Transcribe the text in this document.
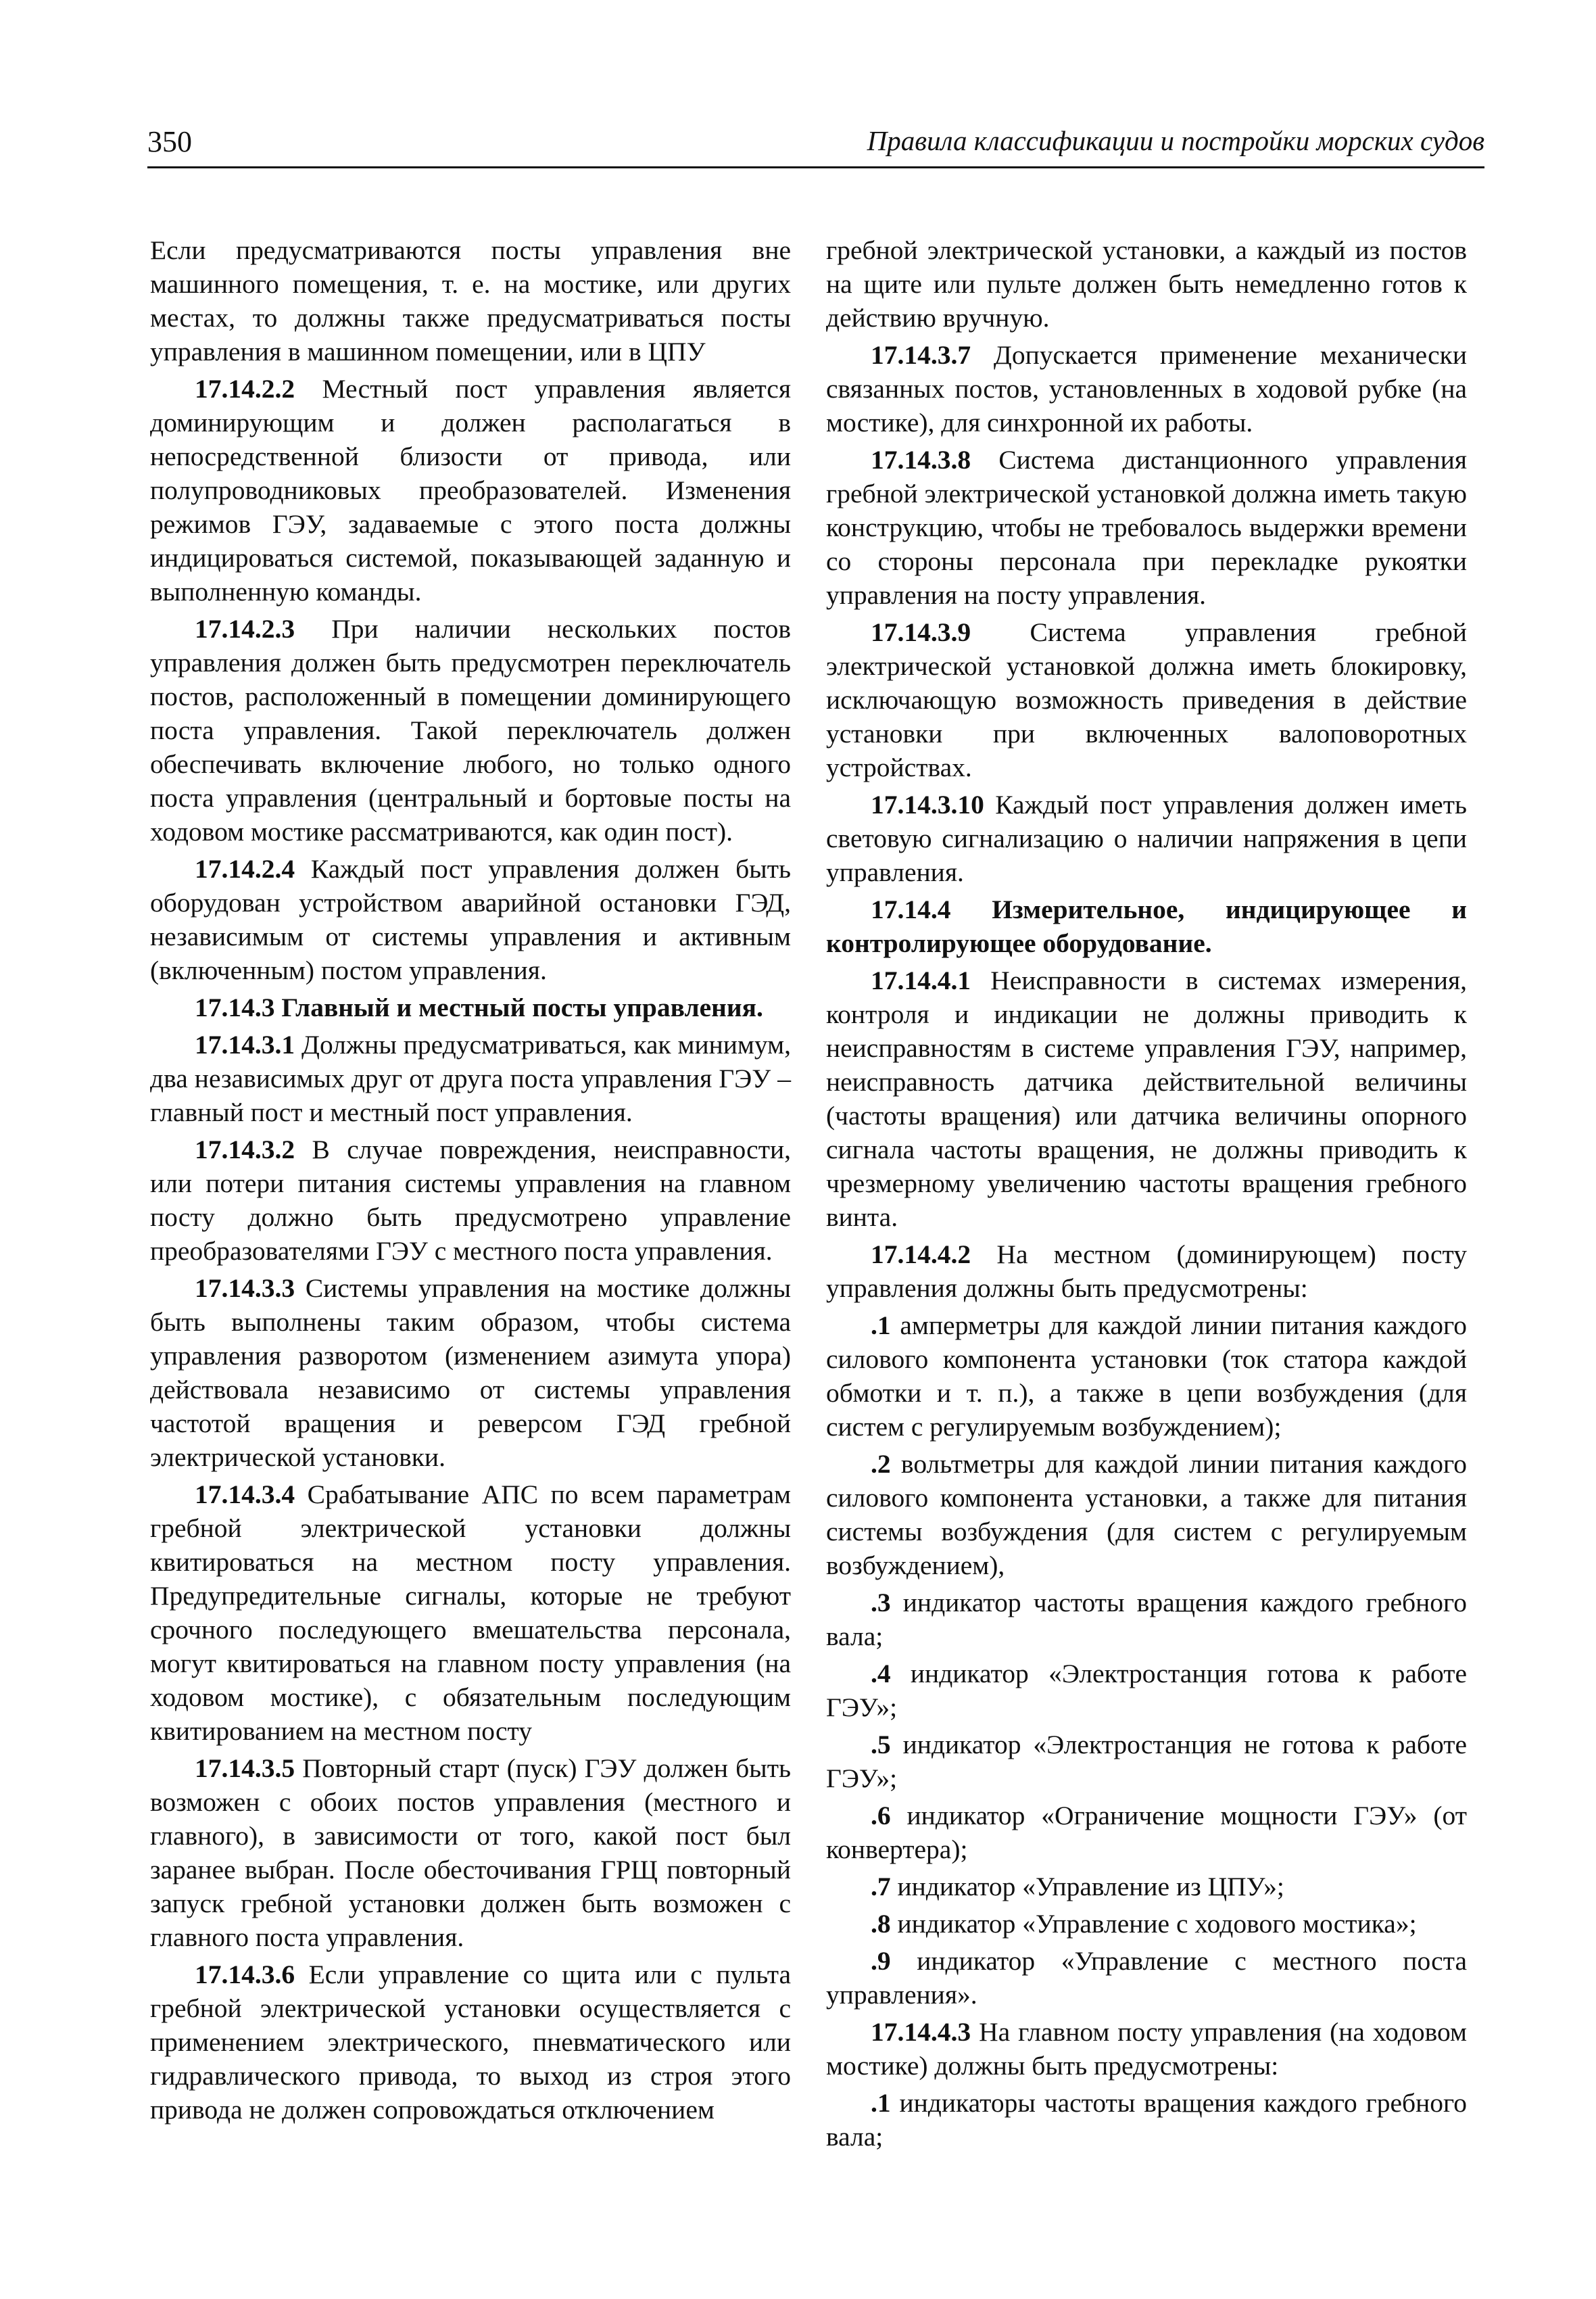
350	Правила классификации и постройки морских судов

Если предусматриваются посты управления вне машинного помещения, т. е. на мостике, или других местах, то должны также предусматриваться посты управления в машинном помещении, или в ЦПУ

17.14.2.2 Местный пост управления является доминирующим и должен располагаться в непосредственной близости от привода, или полупроводниковых преобразователей. Изменения режимов ГЭУ, задаваемые с этого поста должны индицироваться системой, показывающей заданную и выполненную команды.

17.14.2.3 При наличии нескольких постов управления должен быть предусмотрен переключатель постов, расположенный в помещении доминирующего поста управления. Такой переключатель должен обеспечивать включение любого, но только одного поста управления (центральный и бортовые посты на ходовом мостике рассматриваются, как один пост).

17.14.2.4 Каждый пост управления должен быть оборудован устройством аварийной остановки ГЭД, независимым от системы управления и активным (включенным) постом управления.

17.14.3 Главный и местный посты управления.

17.14.3.1 Должны предусматриваться, как минимум, два независимых друг от друга поста управления ГЭУ – главный пост и местный пост управления.

17.14.3.2 В случае повреждения, неисправности, или потери питания системы управления на главном посту должно быть предусмотрено управление преобразователями ГЭУ с местного поста управления.

17.14.3.3 Системы управления на мостике должны быть выполнены таким образом, чтобы система управления разворотом (изменением азимута упора) действовала независимо от системы управления частотой вращения и реверсом ГЭД гребной электрической установки.

17.14.3.4 Срабатывание АПС по всем параметрам гребной электрической установки должны квитироваться на местном посту управления. Предупредительные сигналы, которые не требуют срочного последующего вмешательства персонала, могут квитироваться на главном посту управления (на ходовом мостике), с обязательным последующим квитированием на местном посту

17.14.3.5 Повторный старт (пуск) ГЭУ должен быть возможен с обоих постов управления (местного и главного), в зависимости от того, какой пост был заранее выбран. После обесточивания ГРЩ повторный запуск гребной установки должен быть возможен с главного поста управления.

17.14.3.6 Если управление со щита или с пульта гребной электрической установки осуществляется с применением электрического, пневматического или гидравлического привода, то выход из строя этого привода не должен сопровождаться отключением

гребной электрической установки, а каждый из постов на щите или пульте должен быть немедленно готов к действию вручную.

17.14.3.7 Допускается применение механически связанных постов, установленных в ходовой рубке (на мостике), для синхронной их работы.

17.14.3.8 Система дистанционного управления гребной электрической установкой должна иметь такую конструкцию, чтобы не требовалось выдержки времени со стороны персонала при перекладке рукоятки управления на посту управления.

17.14.3.9 Система управления гребной электрической установкой должна иметь блокировку, исключающую возможность приведения в действие установки при включенных валоповоротных устройствах.

17.14.3.10 Каждый пост управления должен иметь световую сигнализацию о наличии напряжения в цепи управления.

17.14.4 Измерительное, индицирующее и контролирующее оборудование.

17.14.4.1 Неисправности в системах измерения, контроля и индикации не должны приводить к неисправностям в системе управления ГЭУ, например, неисправность датчика действительной величины (частоты вращения) или датчика величины опорного сигнала частоты вращения, не должны приводить к чрезмерному увеличению частоты вращения гребного винта.

17.14.4.2 На местном (доминирующем) посту управления должны быть предусмотрены:

.1 амперметры для каждой линии питания каждого силового компонента установки (ток статора каждой обмотки и т. п.), а также в цепи возбуждения (для систем с регулируемым возбуждением);

.2 вольтметры для каждой линии питания каждого силового компонента установки, а также для питания системы возбуждения (для систем с регулируемым возбуждением),

.3 индикатор частоты вращения каждого гребного вала;

.4 индикатор «Электростанция готова к работе ГЭУ»;

.5 индикатор «Электростанция не готова к работе ГЭУ»;

.6 индикатор «Ограничение мощности ГЭУ» (от конвертера);

.7 индикатор «Управление из ЦПУ»;

.8 индикатор «Управление с ходового мостика»;

.9 индикатор «Управление с местного поста управления».

17.14.4.3 На главном посту управления (на ходовом мостике) должны быть предусмотрены:

.1 индикаторы частоты вращения каждого гребного вала;
